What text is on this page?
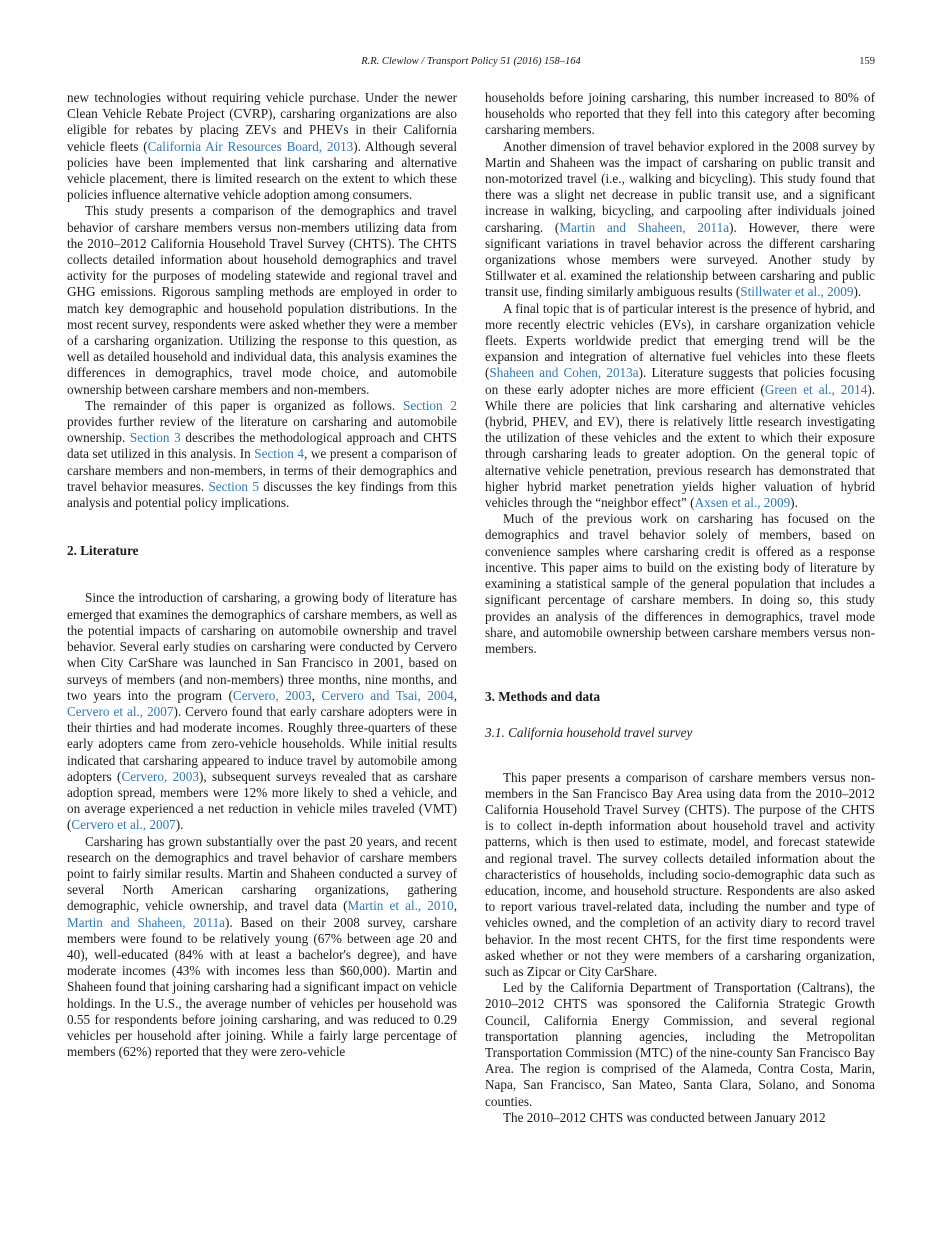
R.R. Clewlow / Transport Policy 51 (2016) 158–164	159

new technologies without requiring vehicle purchase. Under the newer Clean Vehicle Rebate Project (CVRP), carsharing organizations are also eligible for rebates by placing ZEVs and PHEVs in their California vehicle fleets (California Air Resources Board, 2013). Although several policies have been implemented that link carsharing and alternative vehicle placement, there is limited research on the extent to which these policies influence alternative vehicle adoption among consumers.

This study presents a comparison of the demographics and travel behavior of carshare members versus non-members utilizing data from the 2010–2012 California Household Travel Survey (CHTS). The CHTS collects detailed information about household demographics and travel activity for the purposes of modeling statewide and regional travel and GHG emissions. Rigorous sampling methods are employed in order to match key demographic and household population distributions. In the most recent survey, respondents were asked whether they were a member of a carsharing organization. Utilizing the response to this question, as well as detailed household and individual data, this analysis examines the differences in demographics, travel mode choice, and automobile ownership between carshare members and non-members.

The remainder of this paper is organized as follows. Section 2 provides further review of the literature on carsharing and automobile ownership. Section 3 describes the methodological approach and CHTS data set utilized in this analysis. In Section 4, we present a comparison of carshare members and non-members, in terms of their demographics and travel behavior measures. Section 5 discusses the key findings from this analysis and potential policy implications.

2. Literature

Since the introduction of carsharing, a growing body of literature has emerged that examines the demographics of carshare members, as well as the potential impacts of carsharing on automobile ownership and travel behavior. Several early studies on carsharing were conducted by Cervero when City CarShare was launched in San Francisco in 2001, based on surveys of members (and non-members) three months, nine months, and two years into the program (Cervero, 2003, Cervero and Tsai, 2004, Cervero et al., 2007). Cervero found that early carshare adopters were in their thirties and had moderate incomes. Roughly three-quarters of these early adopters came from zero-vehicle households. While initial results indicated that carsharing appeared to induce travel by automobile among adopters (Cervero, 2003), subsequent surveys revealed that as carshare adoption spread, members were 12% more likely to shed a vehicle, and on average experienced a net reduction in vehicle miles traveled (VMT) (Cervero et al., 2007).

Carsharing has grown substantially over the past 20 years, and recent research on the demographics and travel behavior of carshare members point to fairly similar results. Martin and Shaheen conducted a survey of several North American carsharing organizations, gathering demographic, vehicle ownership, and travel data (Martin et al., 2010, Martin and Shaheen, 2011a). Based on their 2008 survey, carshare members were found to be relatively young (67% between age 20 and 40), well-educated (84% with at least a bachelor's degree), and have moderate incomes (43% with incomes less than $60,000). Martin and Shaheen found that joining carsharing had a significant impact on vehicle holdings. In the U.S., the average number of vehicles per household was 0.55 for respondents before joining carsharing, and was reduced to 0.29 vehicles per household after joining. While a fairly large percentage of members (62%) reported that they were zero-vehicle

households before joining carsharing, this number increased to 80% of households who reported that they fell into this category after becoming carsharing members.

Another dimension of travel behavior explored in the 2008 survey by Martin and Shaheen was the impact of carsharing on public transit and non-motorized travel (i.e., walking and bicycling). This study found that there was a slight net decrease in public transit use, and a significant increase in walking, bicycling, and carpooling after individuals joined carsharing. (Martin and Shaheen, 2011a). However, there were significant variations in travel behavior across the different carsharing organizations whose members were surveyed. Another study by Stillwater et al. examined the relationship between carsharing and public transit use, finding similarly ambiguous results (Stillwater et al., 2009).

A final topic that is of particular interest is the presence of hybrid, and more recently electric vehicles (EVs), in carshare organization vehicle fleets. Experts worldwide predict that emerging trend will be the expansion and integration of alternative fuel vehicles into these fleets (Shaheen and Cohen, 2013a). Literature suggests that policies focusing on these early adopter niches are more efficient (Green et al., 2014). While there are policies that link carsharing and alternative vehicles (hybrid, PHEV, and EV), there is relatively little research investigating the utilization of these vehicles and the extent to which their exposure through carsharing leads to greater adoption. On the general topic of alternative vehicle penetration, previous research has demonstrated that higher hybrid market penetration yields higher valuation of hybrid vehicles through the “neighbor effect” (Axsen et al., 2009).

Much of the previous work on carsharing has focused on the demographics and travel behavior solely of members, based on convenience samples where carsharing credit is offered as a response incentive. This paper aims to build on the existing body of literature by examining a statistical sample of the general population that includes a significant percentage of carshare members. In doing so, this study provides an analysis of the differences in demographics, travel mode share, and automobile ownership between carshare members versus non-members.

3. Methods and data
3.1. California household travel survey

This paper presents a comparison of carshare members versus non-members in the San Francisco Bay Area using data from the 2010–2012 California Household Travel Survey (CHTS). The purpose of the CHTS is to collect in-depth information about household travel and activity patterns, which is then used to estimate, model, and forecast statewide and regional travel. The survey collects detailed information about the characteristics of households, including socio-demographic data such as education, income, and household structure. Respondents are also asked to report various travel-related data, including the number and type of vehicles owned, and the completion of an activity diary to record travel behavior. In the most recent CHTS, for the first time respondents were asked whether or not they were members of a carsharing organization, such as Zipcar or City CarShare.

Led by the California Department of Transportation (Caltrans), the 2010–2012 CHTS was sponsored the California Strategic Growth Council, California Energy Commission, and several regional transportation planning agencies, including the Metropolitan Transportation Commission (MTC) of the nine-county San Francisco Bay Area. The region is comprised of the Alameda, Contra Costa, Marin, Napa, San Francisco, San Mateo, Santa Clara, Solano, and Sonoma counties.

The 2010–2012 CHTS was conducted between January 2012
